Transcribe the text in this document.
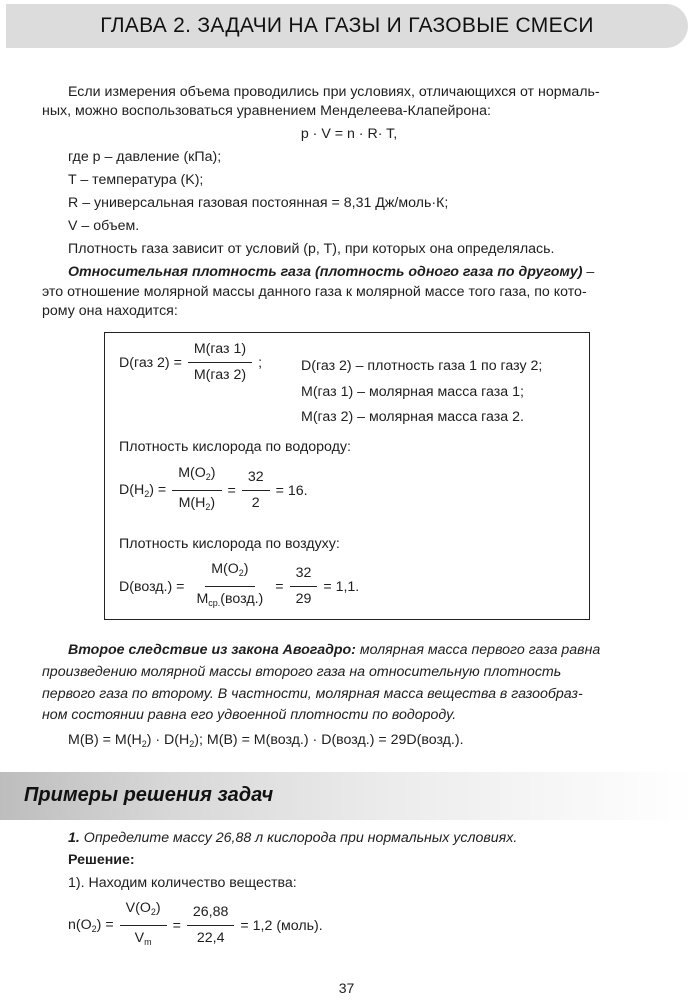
ГЛАВА 2. ЗАДАЧИ НА ГАЗЫ И ГАЗОВЫЕ СМЕСИ
Если измерения объема проводились при условиях, отличающихся от нормаль-
ных, можно воспользоваться уравнением Менделеева-Клапейрона:
p · V = n · R· T,
где p – давление (кПа);
T – температура (K);
R – универсальная газовая постоянная = 8,31 Дж/моль·К;
V – объем.
Плотность газа зависит от условий (p, T), при которых она определялась.
Относительная плотность газа (плотность одного газа по другому) –
это отношение молярной массы данного газа к молярной массе того газа, по кото-
рому она находится:
D(газ $2) = \frac{\text{M(газ 1)}}{\text{M(газ 2)}}$ ;	D(газ 2) – плотность газа 1 по газу 2;
M(газ 1) – молярная масса газа 1;
M(газ 2) – молярная масса газа 2.
Плотность кислорода по водороду:
$D(H_2) = \frac{M(O_2)}{M(H_2)} = \frac{32}{2} = 16$.
Плотность кислорода по воздуху:
D(возд.) = $\frac{M(O_2)}{M_{ср.}(возд.)} = \frac{32}{29} = 1,1$.
Второе следствие из закона Авогадро: молярная масса первого газа равна
произведению молярной массы второго газа на относительную плотность
первого газа по второму. В частности, молярная масса вещества в газообраз-
ном состоянии равна его удвоенной плотности по водороду.
$M(B) = M(H_2) \cdot D(H_2)$; M(B) = M(возд.) · D(возд.) = 29D(возд.).
Примеры решения задач
1. Определите массу 26,88 л кислорода при нормальных условиях.
Решение:
1). Находим количество вещества:
$n(O_2) = \frac{V(O_2)}{V_m} = \frac{26,88}{22,4} = 1,2$ (моль).
37
